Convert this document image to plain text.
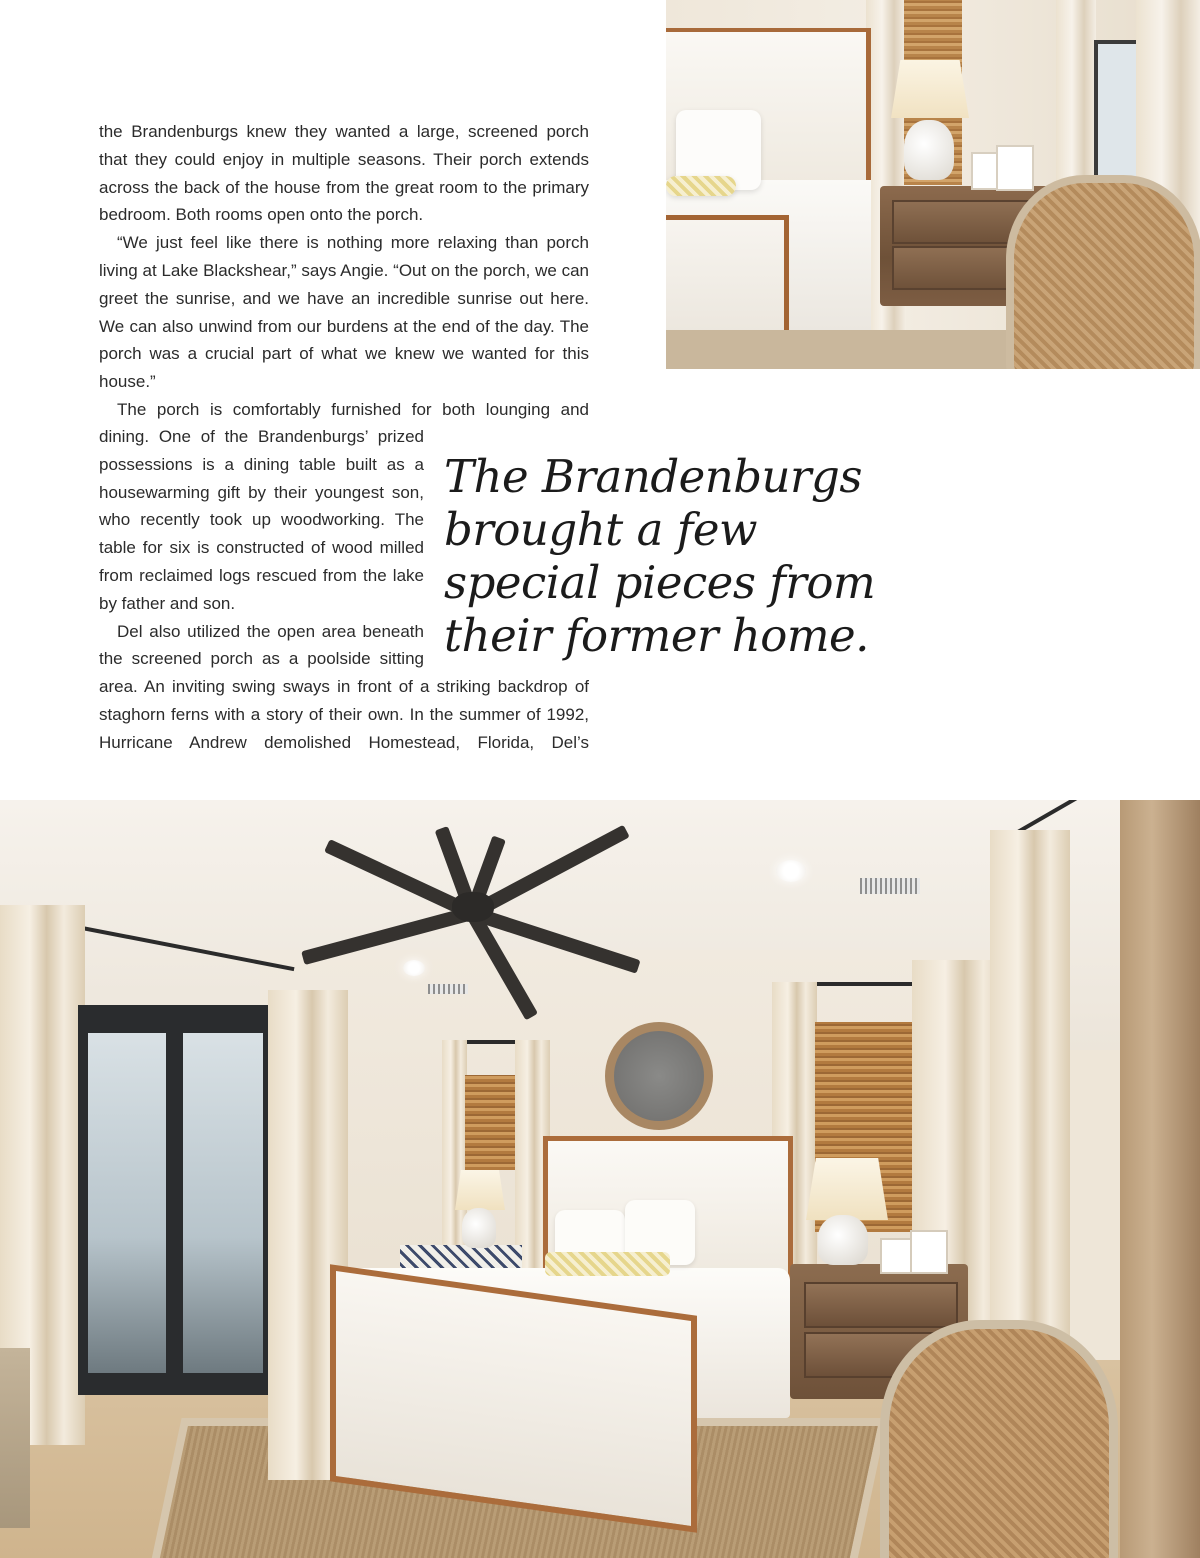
the Brandenburgs knew they wanted a large, screened porch that they could enjoy in multiple seasons. Their porch extends across the back of the house from the great room to the primary bedroom. Both rooms open onto the porch.

“We just feel like there is nothing more relaxing than porch living at Lake Blackshear,” says Angie. “Out on the porch, we can greet the sunrise, and we have an incredible sunrise out here. We can also unwind from our burdens at the end of the day. The porch was a crucial part of what we knew we wanted for this house.”

The porch is comfortably furnished for both lounging and

dining. One of the Brandenburgs’ prized possessions is a dining table built as a housewarming gift by their youngest son, who recently took up woodworking. The table for six is constructed of wood milled from reclaimed logs rescued from the lake by father and son.

Del also utilized the open area beneath the screened porch as a poolside sitting

area. An inviting swing sways in front of a striking backdrop of staghorn ferns with a story of their own. In the summer of 1992, Hurricane Andrew demolished Homestead, Florida, Del’s

The Brandenburgs brought a few special pieces from their former home.
